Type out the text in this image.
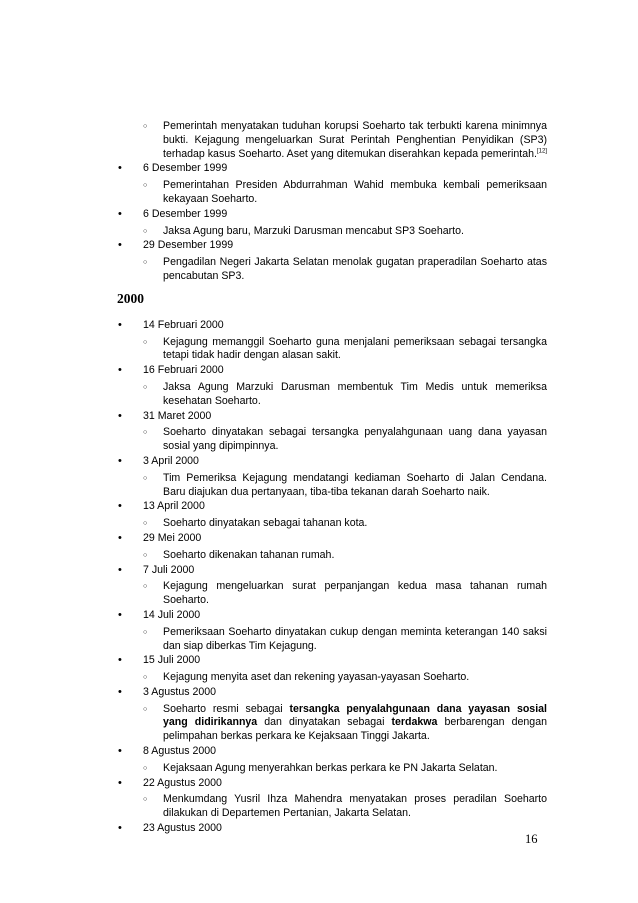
○ Pemerintah menyatakan tuduhan korupsi Soeharto tak terbukti karena minimnya bukti. Kejagung mengeluarkan Surat Perintah Penghentian Penyidikan (SP3) terhadap kasus Soeharto. Aset yang ditemukan diserahkan kepada pemerintah.[12]
• 6 Desember 1999
○ Pemerintahan Presiden Abdurrahman Wahid membuka kembali pemeriksaan kekayaan Soeharto.
• 6 Desember 1999
○ Jaksa Agung baru, Marzuki Darusman mencabut SP3 Soeharto.
• 29 Desember 1999
○ Pengadilan Negeri Jakarta Selatan menolak gugatan praperadilan Soeharto atas pencabutan SP3.
2000
• 14 Februari 2000
○ Kejagung memanggil Soeharto guna menjalani pemeriksaan sebagai tersangka tetapi tidak hadir dengan alasan sakit.
• 16 Februari 2000
○ Jaksa Agung Marzuki Darusman membentuk Tim Medis untuk memeriksa kesehatan Soeharto.
• 31 Maret 2000
○ Soeharto dinyatakan sebagai tersangka penyalahgunaan uang dana yayasan sosial yang dipimpinnya.
• 3 April 2000
○ Tim Pemeriksa Kejagung mendatangi kediaman Soeharto di Jalan Cendana. Baru diajukan dua pertanyaan, tiba-tiba tekanan darah Soeharto naik.
• 13 April 2000
○ Soeharto dinyatakan sebagai tahanan kota.
• 29 Mei 2000
○ Soeharto dikenakan tahanan rumah.
• 7 Juli 2000
○ Kejagung mengeluarkan surat perpanjangan kedua masa tahanan rumah Soeharto.
• 14 Juli 2000
○ Pemeriksaan Soeharto dinyatakan cukup dengan meminta keterangan 140 saksi dan siap diberkas Tim Kejagung.
• 15 Juli 2000
○ Kejagung menyita aset dan rekening yayasan-yayasan Soeharto.
• 3 Agustus 2000
○ Soeharto resmi sebagai tersangka penyalahgunaan dana yayasan sosial yang didirikannya dan dinyatakan sebagai terdakwa berbarengan dengan pelimpahan berkas perkara ke Kejaksaan Tinggi Jakarta.
• 8 Agustus 2000
○ Kejaksaan Agung menyerahkan berkas perkara ke PN Jakarta Selatan.
• 22 Agustus 2000
○ Menkumdang Yusril Ihza Mahendra menyatakan proses peradilan Soeharto dilakukan di Departemen Pertanian, Jakarta Selatan.
• 23 Agustus 2000
16
